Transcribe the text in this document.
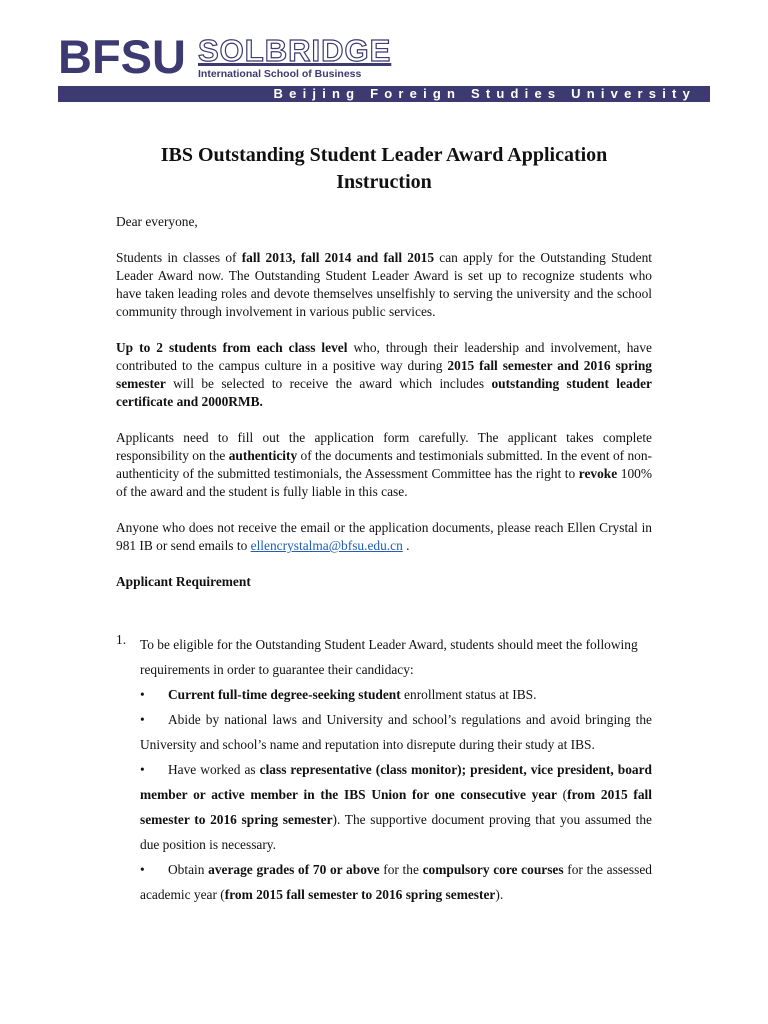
BFSU SOLBRIDGE
International School of Business
Beijing Foreign Studies University
IBS Outstanding Student Leader Award Application
Instruction

Dear everyone,

Students in classes of fall 2013, fall 2014 and fall 2015 can apply for the Outstanding Student Leader Award now. The Outstanding Student Leader Award is set up to recognize students who have taken leading roles and devote themselves unselfishly to serving the university and the school community through involvement in various public services.

Up to 2 students from each class level who, through their leadership and involvement, have contributed to the campus culture in a positive way during 2015 fall semester and 2016 spring semester will be selected to receive the award which includes outstanding student leader certificate and 2000RMB.

Applicants need to fill out the application form carefully. The applicant takes complete responsibility on the authenticity of the documents and testimonials submitted. In the event of non-authenticity of the submitted testimonials, the Assessment Committee has the right to revoke 100% of the award and the student is fully liable in this case.

Anyone who does not receive the email or the application documents, please reach Ellen Crystal in 981 IB or send emails to ellencrystalma@bfsu.edu.cn .

Applicant Requirement

1. To be eligible for the Outstanding Student Leader Award, students should meet the following requirements in order to guarantee their candidacy:
• Current full-time degree-seeking student enrollment status at IBS.
• Abide by national laws and University and school’s regulations and avoid bringing the University and school’s name and reputation into disrepute during their study at IBS.
• Have worked as class representative (class monitor); president, vice president, board member or active member in the IBS Union for one consecutive year (from 2015 fall semester to 2016 spring semester). The supportive document proving that you assumed the due position is necessary.
• Obtain average grades of 70 or above for the compulsory core courses for the assessed academic year (from 2015 fall semester to 2016 spring semester).
